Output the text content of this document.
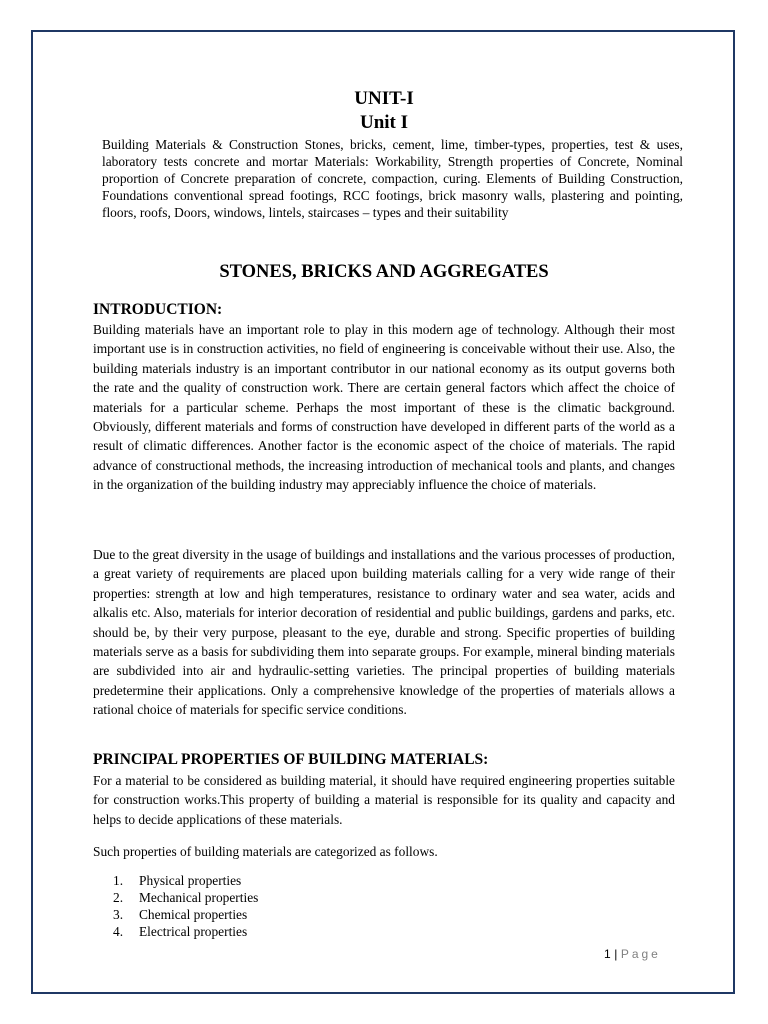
UNIT-I
Unit I

Building Materials & Construction Stones, bricks, cement, lime, timber-types, properties, test & uses, laboratory tests concrete and mortar Materials: Workability, Strength properties of Concrete, Nominal proportion of Concrete preparation of concrete, compaction, curing. Elements of Building Construction, Foundations conventional spread footings, RCC footings, brick masonry walls, plastering and pointing, floors, roofs, Doors, windows, lintels, staircases – types and their suitability

STONES, BRICKS AND AGGREGATES
INTRODUCTION:

Building materials have an important role to play in this modern age of technology. Although their most important use is in construction activities, no field of engineering is conceivable without their use. Also, the building materials industry is an important contributor in our national economy as its output governs both the rate and the quality of construction work. There are certain general factors which affect the choice of materials for a particular scheme. Perhaps the most important of these is the climatic background. Obviously, different materials and forms of construction have developed in different parts of the world as a result of climatic differences. Another factor is the economic aspect of the choice of materials. The rapid advance of constructional methods, the increasing introduction of mechanical tools and plants, and changes in the organization of the building industry may appreciably influence the choice of materials.

Due to the great diversity in the usage of buildings and installations and the various processes of production, a great variety of requirements are placed upon building materials calling for a very wide range of their properties: strength at low and high temperatures, resistance to ordinary water and sea water, acids and alkalis etc. Also, materials for interior decoration of residential and public buildings, gardens and parks, etc. should be, by their very purpose, pleasant to the eye, durable and strong. Specific properties of building materials serve as a basis for subdividing them into separate groups. For example, mineral binding materials are subdivided into air and hydraulic-setting varieties. The principal properties of building materials predetermine their applications. Only a comprehensive knowledge of the properties of materials allows a rational choice of materials for specific service conditions.

PRINCIPAL PROPERTIES OF BUILDING MATERIALS:

For a material to be considered as building material, it should have required engineering properties suitable for construction works.This property of building a material is responsible for its quality and capacity and helps to decide applications of these materials.

Such properties of building materials are categorized as follows.

1.	Physical properties
2.	Mechanical properties
3.	Chemical properties
4.	Electrical properties
1 | Page
